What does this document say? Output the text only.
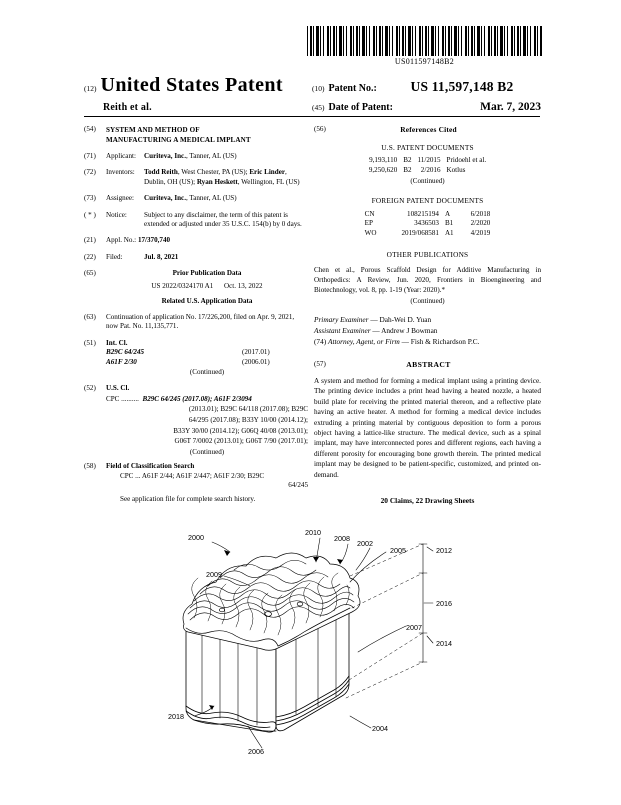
US011597148B2
(12) United States Patent	(10) Patent No.:	US 11,597,148 B2
Reith et al.	(45) Date of Patent:	Mar. 7, 2023
(54)	SYSTEM AND METHOD OF
MANUFACTURING A MEDICAL IMPLANT
(71)	Applicant:	Curiteva, Inc., Tanner, AL (US)
(72)	Inventors:	Todd Reith, West Chester, PA (US); Eric Linder, Dublin, OH (US); Ryan Heskett, Wellington, FL (US)
(73)	Assignee:	Curiteva, Inc., Tanner, AL (US)
( * )	Notice:	Subject to any disclaimer, the term of this patent is extended or adjusted under 35 U.S.C. 154(b) by 0 days.
(21)	Appl. No.: 17/370,740
(22)	Filed:	Jul. 8, 2021
(65)	Prior Publication Data
US 2022/0324170 A1 Oct. 13, 2022
Related U.S. Application Data
(63)	Continuation of application No. 17/226,200, filed on Apr. 9, 2021, now Pat. No. 11,135,771.
(51)	Int. Cl.
B29C 64/245	(2017.01)
A61F 2/30	(2006.01)
(Continued)
(52)	U.S. Cl.
CPC .......... B29C 64/245 (2017.08); A61F 2/3094
(2013.01); B29C 64/118 (2017.08); B29C
64/295 (2017.08); B33Y 10/00 (2014.12);
B33Y 30/00 (2014.12); G06Q 40/08 (2013.01);
G06T 7/0002 (2013.01); G06T 7/90 (2017.01);
(Continued)
(58)	Field of Classification Search
CPC ... A61F 2/44; A61F 2/447; A61F 2/30; B29C
64/245
See application file for complete search history.
(56)	References Cited
U.S. PATENT DOCUMENTS
9,193,110	B2	11/2015	Pridoehl et al.
9,250,620	B2	2/2016	Kotlus
(Continued)
FOREIGN PATENT DOCUMENTS
CN	108215194	A	6/2018
EP	3436503	B1	2/2020
WO	2019/068581	A1	4/2019
OTHER PUBLICATIONS
Chen et al., Porous Scaffold Design for Additive Manufacturing in Orthopedics: A Review, Jun. 2020, Frontiers in Bioengineering and Biotechnology, vol. 8, pp. 1-19 (Year: 2020).*
(Continued)
Primary Examiner — Dah-Wei D. Yuan
Assistant Examiner — Andrew J Bowman
(74) Attorney, Agent, or Firm — Fish & Richardson P.C.
(57)	ABSTRACT
A system and method for forming a medical implant using a printing device. The printing device includes a print head having a heated nozzle, a heated build plate for receiving the printed material thereon, and a reflective plate having an active heater. A method for forming a medical device includes extruding a printing material by contiguous deposition to form a porous object having a lattice-like structure. The medical device, such as a spinal implant, may have interconnected pores and different regions, each having a different porosity for encouraging bone growth therein. The printed medical implant may be designed to be patient-specific, customized, and printed on-demand.
20 Claims, 22 Drawing Sheets
2000
2009
2010
2008
2002
2005	2012
2016
2007
2014
2018
2006
2004
